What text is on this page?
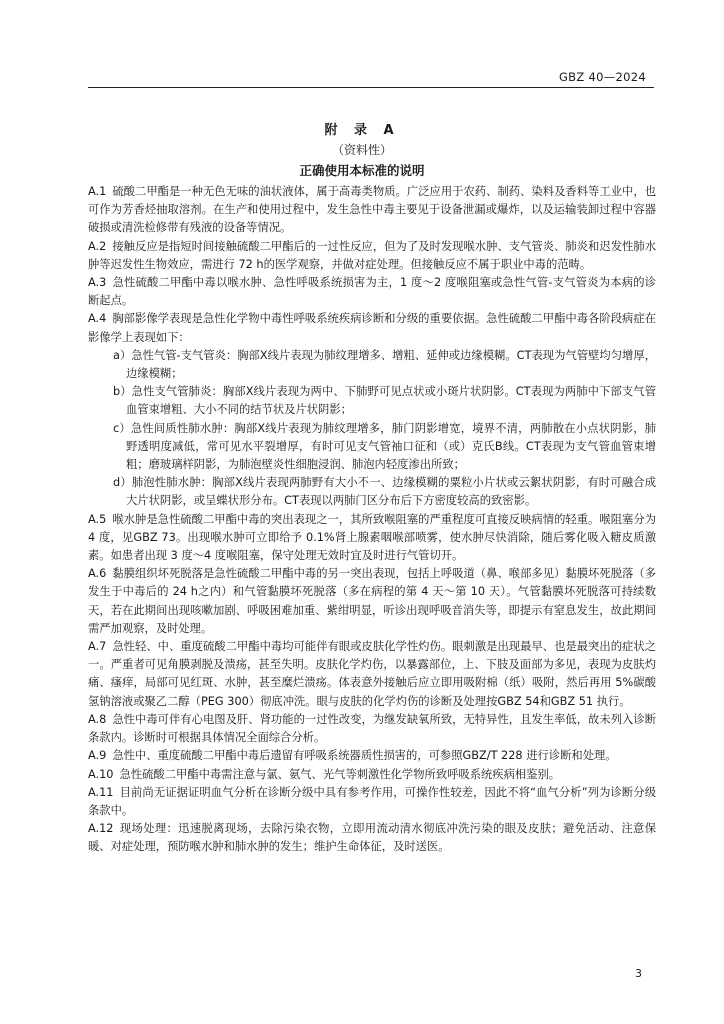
GBZ 40—2024
附 录 A
（资料性）
正确使用本标准的说明

A.1 硫酸二甲酯是一种无色无味的油状液体，属于高毒类物质。广泛应用于农药、制药、染料及香料等工业中，也可作为芳香烃抽取溶剂。在生产和使用过程中，发生急性中毒主要见于设备泄漏或爆炸，以及运输装卸过程中容器破损或清洗检修带有残液的设备等情况。

A.2 接触反应是指短时间接触硫酸二甲酯后的一过性反应，但为了及时发现喉水肿、支气管炎、肺炎和迟发性肺水肿等迟发性生物效应，需进行 72 h的医学观察，并做对症处理。但接触反应不属于职业中毒的范畴。

A.3 急性硫酸二甲酯中毒以喉水肿、急性呼吸系统损害为主，1 度～2 度喉阻塞或急性气管-支气管炎为本病的诊断起点。

A.4 胸部影像学表现是急性化学物中毒性呼吸系统疾病诊断和分级的重要依据。急性硫酸二甲酯中毒各阶段病症在影像学上表现如下：

a）急性气管-支气管炎：胸部X线片表现为肺纹理增多、增粗、延伸或边缘模糊。CT表现为气管壁均匀增厚，边缘模糊；

b）急性支气管肺炎：胸部X线片表现为两中、下肺野可见点状或小斑片状阴影。CT表现为两肺中下部支气管血管束增粗、大小不同的结节状及片状阴影；

c）急性间质性肺水肿：胸部X线片表现为肺纹理增多，肺门阴影增宽，境界不清，两肺散在小点状阴影，肺野透明度减低，常可见水平裂增厚，有时可见支气管袖口征和（或）克氏B线。CT表现为支气管血管束增粗；磨玻璃样阴影，为肺泡壁炎性细胞浸润、肺泡内轻度渗出所致；

d）肺泡性肺水肿：胸部X线片表现两肺野有大小不一、边缘模糊的粟粒小片状或云絮状阴影，有时可融合成大片状阴影，或呈蝶状形分布。CT表现以两肺门区分布后下方密度较高的致密影。

A.5 喉水肿是急性硫酸二甲酯中毒的突出表现之一，其所致喉阻塞的严重程度可直接反映病情的轻重。喉阻塞分为 4 度，见GBZ 73。出现喉水肿可立即给予 0.1%肾上腺素咽喉部喷雾，使水肿尽快消除，随后雾化吸入糖皮质激素。如患者出现 3 度～4 度喉阻塞，保守处理无效时宜及时进行气管切开。

A.6 黏膜组织坏死脱落是急性硫酸二甲酯中毒的另一突出表现，包括上呼吸道（鼻、喉部多见）黏膜坏死脱落（多发生于中毒后的 24 h之内）和气管黏膜坏死脱落（多在病程的第 4 天～第 10 天）。气管黏膜坏死脱落可持续数天，若在此期间出现咳嗽加剧、呼吸困难加重、紫绀明显，听诊出现呼吸音消失等，即提示有窒息发生，故此期间需严加观察，及时处理。

A.7 急性轻、中、重度硫酸二甲酯中毒均可能伴有眼或皮肤化学性灼伤。眼刺激是出现最早、也是最突出的症状之一。严重者可见角膜剥脱及溃疡，甚至失明。皮肤化学灼伤，以暴露部位，上、下肢及面部为多见，表现为皮肤灼痛、瘙痒，局部可见红斑、水肿，甚至糜烂溃疡。体表意外接触后应立即用吸附棉（纸）吸附，然后再用 5%碳酸氢钠溶液或聚乙二醇（PEG 300）彻底冲洗。眼与皮肤的化学灼伤的诊断及处理按GBZ 54和GBZ 51 执行。

A.8 急性中毒可伴有心电图及肝、肾功能的一过性改变，为继发缺氧所致，无特异性，且发生率低，故未列入诊断条款内。诊断时可根据具体情况全面综合分析。

A.9 急性中、重度硫酸二甲酯中毒后遗留有呼吸系统器质性损害的，可参照GBZ/T 228 进行诊断和处理。

A.10 急性硫酸二甲酯中毒需注意与氯、氨气、光气等刺激性化学物所致呼吸系统疾病相鉴别。

A.11 目前尚无证据证明血气分析在诊断分级中具有参考作用，可操作性较差，因此不将“血气分析”列为诊断分级条款中。

A.12 现场处理：迅速脱离现场，去除污染衣物，立即用流动清水彻底冲洗污染的眼及皮肤；避免活动、注意保暖、对症处理，预防喉水肿和肺水肿的发生；维护生命体征，及时送医。

3
